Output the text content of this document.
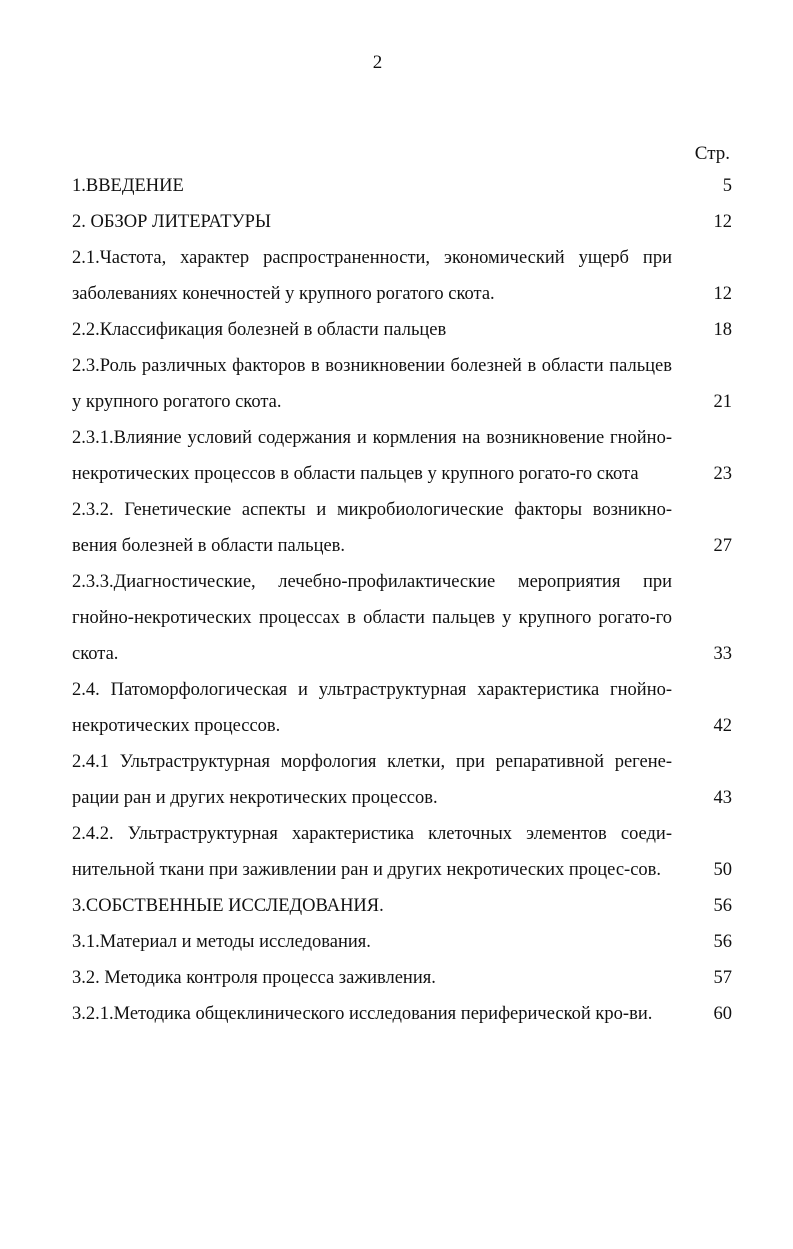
2
Стр.
1.ВВЕДЕНИЕ	5
2. ОБЗОР ЛИТЕРАТУРЫ	12
2.1.Частота, характер распространенности, экономический ущерб при заболеваниях конечностей у крупного рогатого скота.	12
2.2.Классификация болезней в области пальцев	18
2.3.Роль различных факторов в возникновении болезней в области пальцев у крупного рогатого скота.	21
2.3.1.Влияние условий содержания и кормления на возникновение гнойно-некротических процессов в области пальцев у крупного рогато-го скота	23
2.3.2. Генетические аспекты и микробиологические факторы возникно-вения болезней в области пальцев.	27
2.3.3.Диагностические, лечебно-профилактические мероприятия при гнойно-некротических процессах в области пальцев у крупного рогато-го скота.	33
2.4. Патоморфологическая и ультраструктурная характеристика гнойно-некротических процессов.	42
2.4.1 Ультраструктурная морфология клетки, при репаративной регене-рации ран и других некротических процессов.	43
2.4.2. Ультраструктурная характеристика клеточных элементов соеди-нительной ткани при заживлении ран и других некротических процес-сов.	50
3.СОБСТВЕННЫЕ ИССЛЕДОВАНИЯ.	56
3.1.Материал и методы исследования.	56
3.2. Методика контроля процесса заживления.	57
3.2.1.Методика общеклинического исследования периферической кро-ви.	60
